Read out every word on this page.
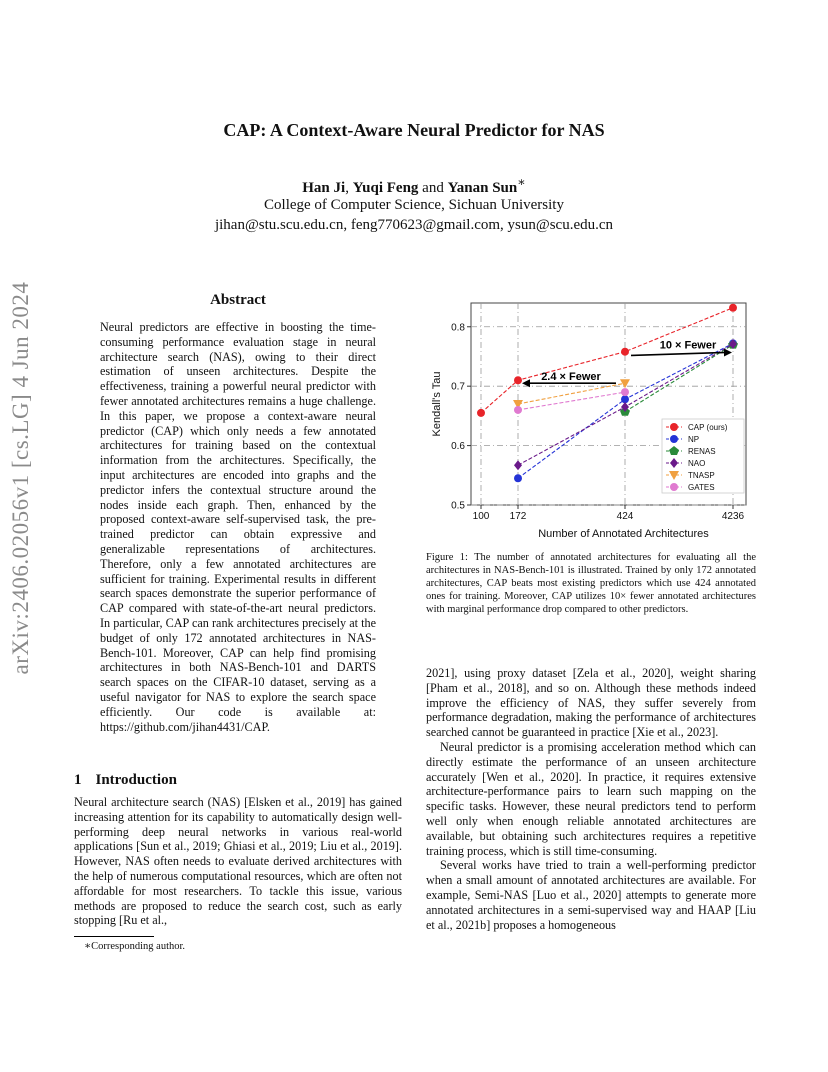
arXiv:2406.02056v1 [cs.LG] 4 Jun 2024
CAP: A Context-Aware Neural Predictor for NAS
Han Ji, Yuqi Feng and Yanan Sun∗
College of Computer Science, Sichuan University
jihan@stu.scu.edu.cn, feng770623@gmail.com, ysun@scu.edu.cn
Abstract
Neural predictors are effective in boosting the time-consuming performance evaluation stage in neural architecture search (NAS), owing to their direct estimation of unseen architectures. Despite the effectiveness, training a powerful neural predictor with fewer annotated architectures remains a huge challenge. In this paper, we propose a context-aware neural predictor (CAP) which only needs a few annotated architectures for training based on the contextual information from the architectures. Specifically, the input architectures are encoded into graphs and the predictor infers the contextual structure around the nodes inside each graph. Then, enhanced by the proposed context-aware self-supervised task, the pre-trained predictor can obtain expressive and generalizable representations of architectures. Therefore, only a few annotated architectures are sufficient for training. Experimental results in different search spaces demonstrate the superior performance of CAP compared with state-of-the-art neural predictors. In particular, CAP can rank architectures precisely at the budget of only 172 annotated architectures in NAS-Bench-101. Moreover, CAP can help find promising architectures in both NAS-Bench-101 and DARTS search spaces on the CIFAR-10 dataset, serving as a useful navigator for NAS to explore the search space efficiently. Our code is available at: https://github.com/jihan4431/CAP.
1 Introduction
Neural architecture search (NAS) [Elsken et al., 2019] has gained increasing attention for its capability to automatically design well-performing deep neural networks in various real-world applications [Sun et al., 2019; Ghiasi et al., 2019; Liu et al., 2019]. However, NAS often needs to evaluate derived architectures with the help of numerous computational resources, which are often not affordable for most researchers. To tackle this issue, various methods are proposed to reduce the search cost, such as early stopping [Ru et al.,
∗Corresponding author.
0.5
0.6
0.7
0.8
100 172	424	4236
Number of Annotated Architectures
Kendall's Tau	2.4 × Fewer
10 × Fewer
CAP (ours)
NP
RENAS
NAO
TNASP
GATES
Figure 1: The number of annotated architectures for evaluating all the architectures in NAS-Bench-101 is illustrated. Trained by only 172 annotated architectures, CAP beats most existing predictors which use 424 annotated ones for training. Moreover, CAP utilizes 10× fewer annotated architectures with marginal performance drop compared to other predictors.

2021], using proxy dataset [Zela et al., 2020], weight sharing [Pham et al., 2018], and so on. Although these methods indeed improve the efficiency of NAS, they suffer severely from performance degradation, making the performance of architectures searched cannot be guaranteed in practice [Xie et al., 2023].

Neural predictor is a promising acceleration method which can directly estimate the performance of an unseen architecture accurately [Wen et al., 2020]. In practice, it requires extensive architecture-performance pairs to learn such mapping on the specific tasks. However, these neural predictors tend to perform well only when enough reliable annotated architectures are available, but obtaining such architectures requires a repetitive training process, which is still time-consuming.

Several works have tried to train a well-performing predictor when a small amount of annotated architectures are available. For example, Semi-NAS [Luo et al., 2020] attempts to generate more annotated architectures in a semi-supervised way and HAAP [Liu et al., 2021b] proposes a homogeneous
